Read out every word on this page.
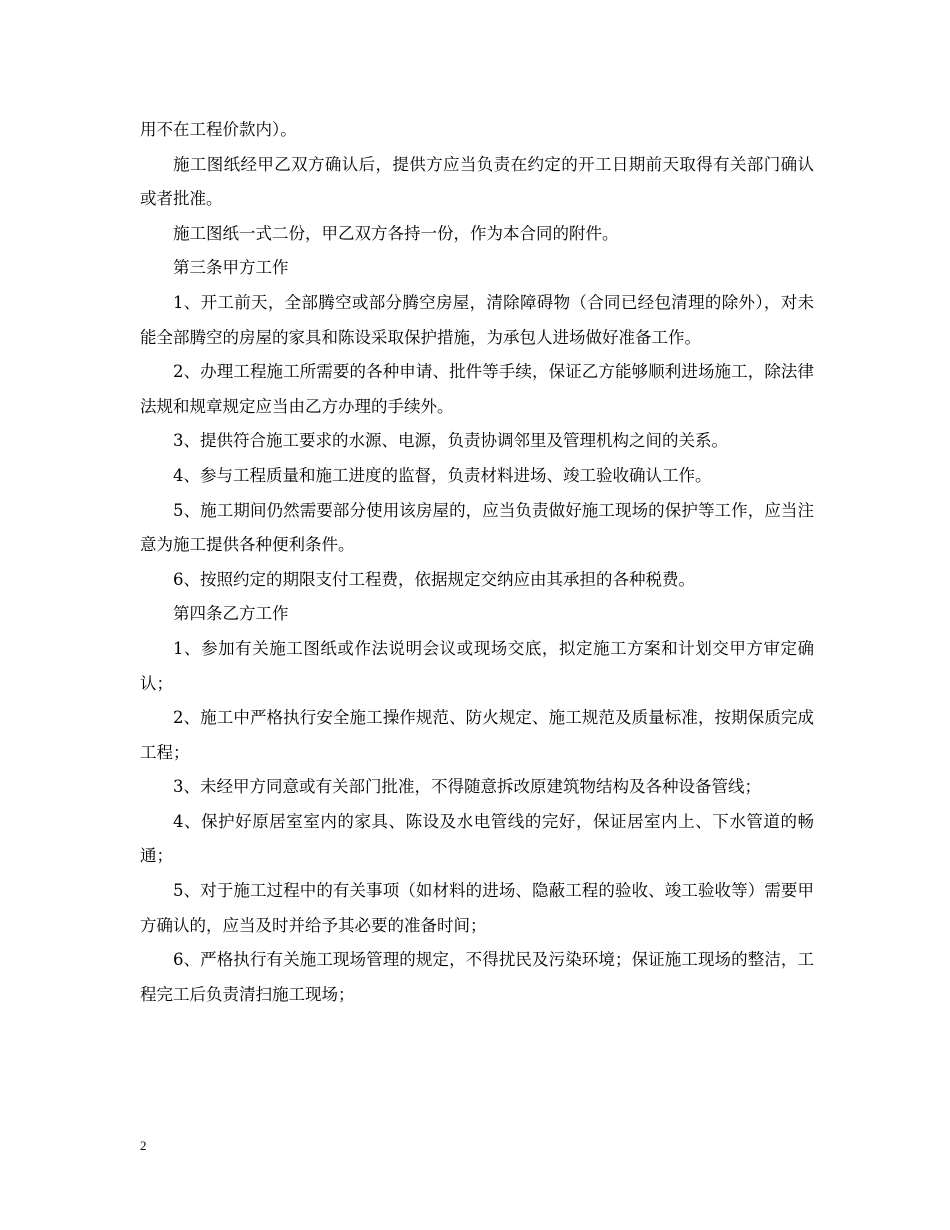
用不在工程价款内）。

施工图纸经甲乙双方确认后，提供方应当负责在约定的开工日期前天取得有关部门确认或者批准。

施工图纸一式二份，甲乙双方各持一份，作为本合同的附件。

第三条甲方工作

1、开工前天，全部腾空或部分腾空房屋，清除障碍物（合同已经包清理的除外），对未能全部腾空的房屋的家具和陈设采取保护措施，为承包人进场做好准备工作。

2、办理工程施工所需要的各种申请、批件等手续，保证乙方能够顺利进场施工，除法律法规和规章规定应当由乙方办理的手续外。

3、提供符合施工要求的水源、电源，负责协调邻里及管理机构之间的关系。

4、参与工程质量和施工进度的监督，负责材料进场、竣工验收确认工作。

5、施工期间仍然需要部分使用该房屋的，应当负责做好施工现场的保护等工作，应当注意为施工提供各种便利条件。

6、按照约定的期限支付工程费，依据规定交纳应由其承担的各种税费。

第四条乙方工作

1、参加有关施工图纸或作法说明会议或现场交底，拟定施工方案和计划交甲方审定确认；

2、施工中严格执行安全施工操作规范、防火规定、施工规范及质量标准，按期保质完成工程；

3、未经甲方同意或有关部门批准，不得随意拆改原建筑物结构及各种设备管线；

4、保护好原居室室内的家具、陈设及水电管线的完好，保证居室内上、下水管道的畅通；

5、对于施工过程中的有关事项（如材料的进场、隐蔽工程的验收、竣工验收等）需要甲方确认的，应当及时并给予其必要的准备时间；

6、严格执行有关施工现场管理的规定，不得扰民及污染环境；保证施工现场的整洁，工程完工后负责清扫施工现场；

2
